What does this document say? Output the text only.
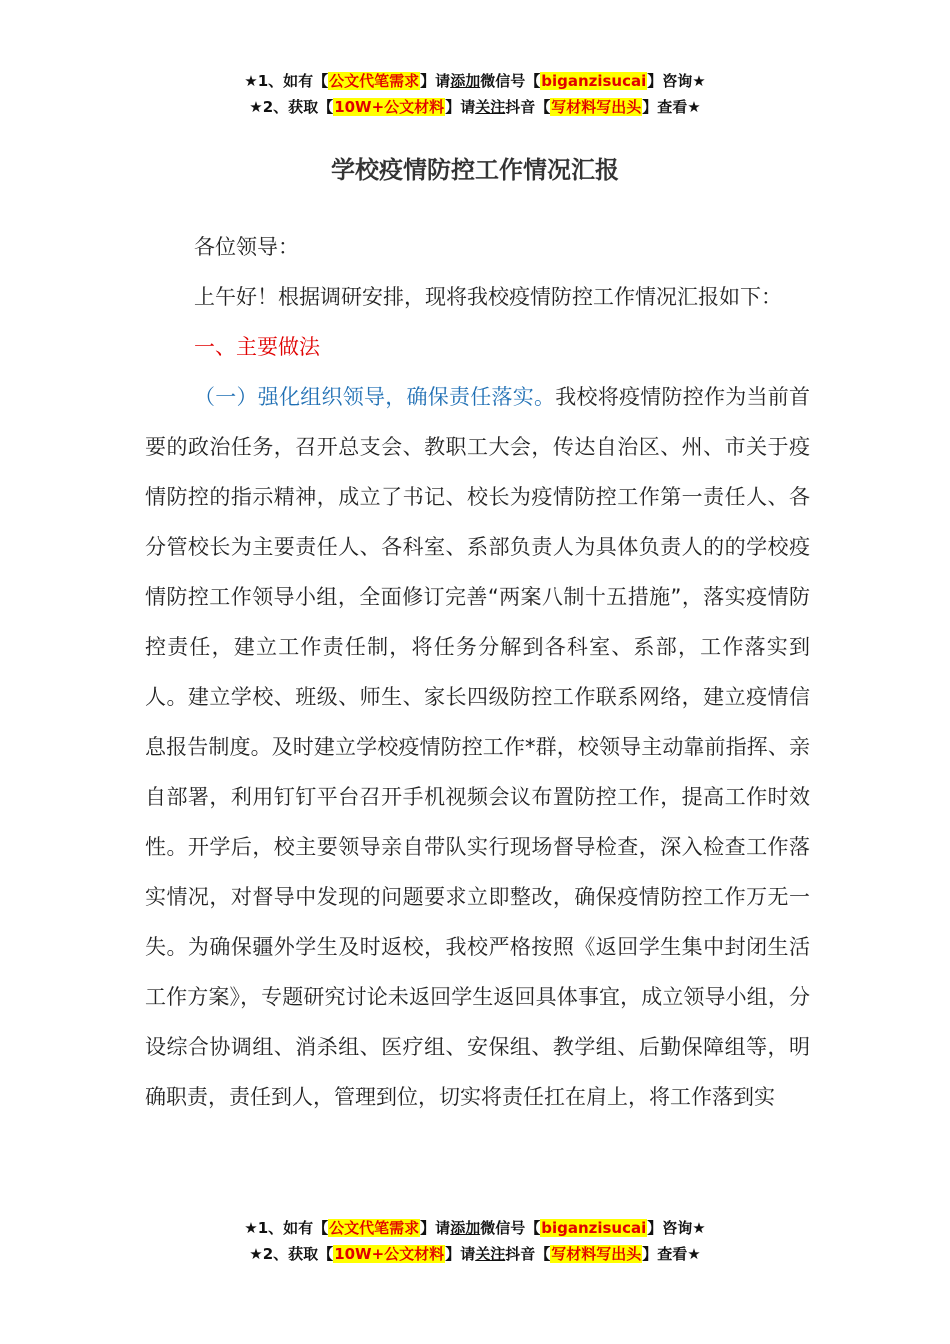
★1、如有【公文代笔需求】请添加微信号【biganzisucai】咨询★
★2、获取【10W+公文材料】请关注抖音【写材料写出头】查看★
学校疫情防控工作情况汇报

各位领导：

上午好！根据调研安排，现将我校疫情防控工作情况汇报如下：

一、主要做法

（一）强化组织领导，确保责任落实。我校将疫情防控作为当前首要的政治任务，召开总支会、教职工大会，传达自治区、州、市关于疫情防控的指示精神，成立了书记、校长为疫情防控工作第一责任人、各分管校长为主要责任人、各科室、系部负责人为具体负责人的的学校疫情防控工作领导小组，全面修订完善“两案八制十五措施”，落实疫情防控责任，建立工作责任制，将任务分解到各科室、系部，工作落实到人。建立学校、班级、师生、家长四级防控工作联系网络，建立疫情信息报告制度。及时建立学校疫情防控工作*群，校领导主动靠前指挥、亲自部署，利用钉钉平台召开手机视频会议布置防控工作，提高工作时效性。开学后，校主要领导亲自带队实行现场督导检查，深入检查工作落实情况，对督导中发现的问题要求立即整改，确保疫情防控工作万无一失。为确保疆外学生及时返校，我校严格按照《返回学生集中封闭生活工作方案》，专题研究讨论未返回学生返回具体事宜，成立领导小组，分设综合协调组、消杀组、医疗组、安保组、教学组、后勤保障组等，明确职责，责任到人，管理到位，切实将责任扛在肩上，将工作落到实

★1、如有【公文代笔需求】请添加微信号【biganzisucai】咨询★
★2、获取【10W+公文材料】请关注抖音【写材料写出头】查看★
